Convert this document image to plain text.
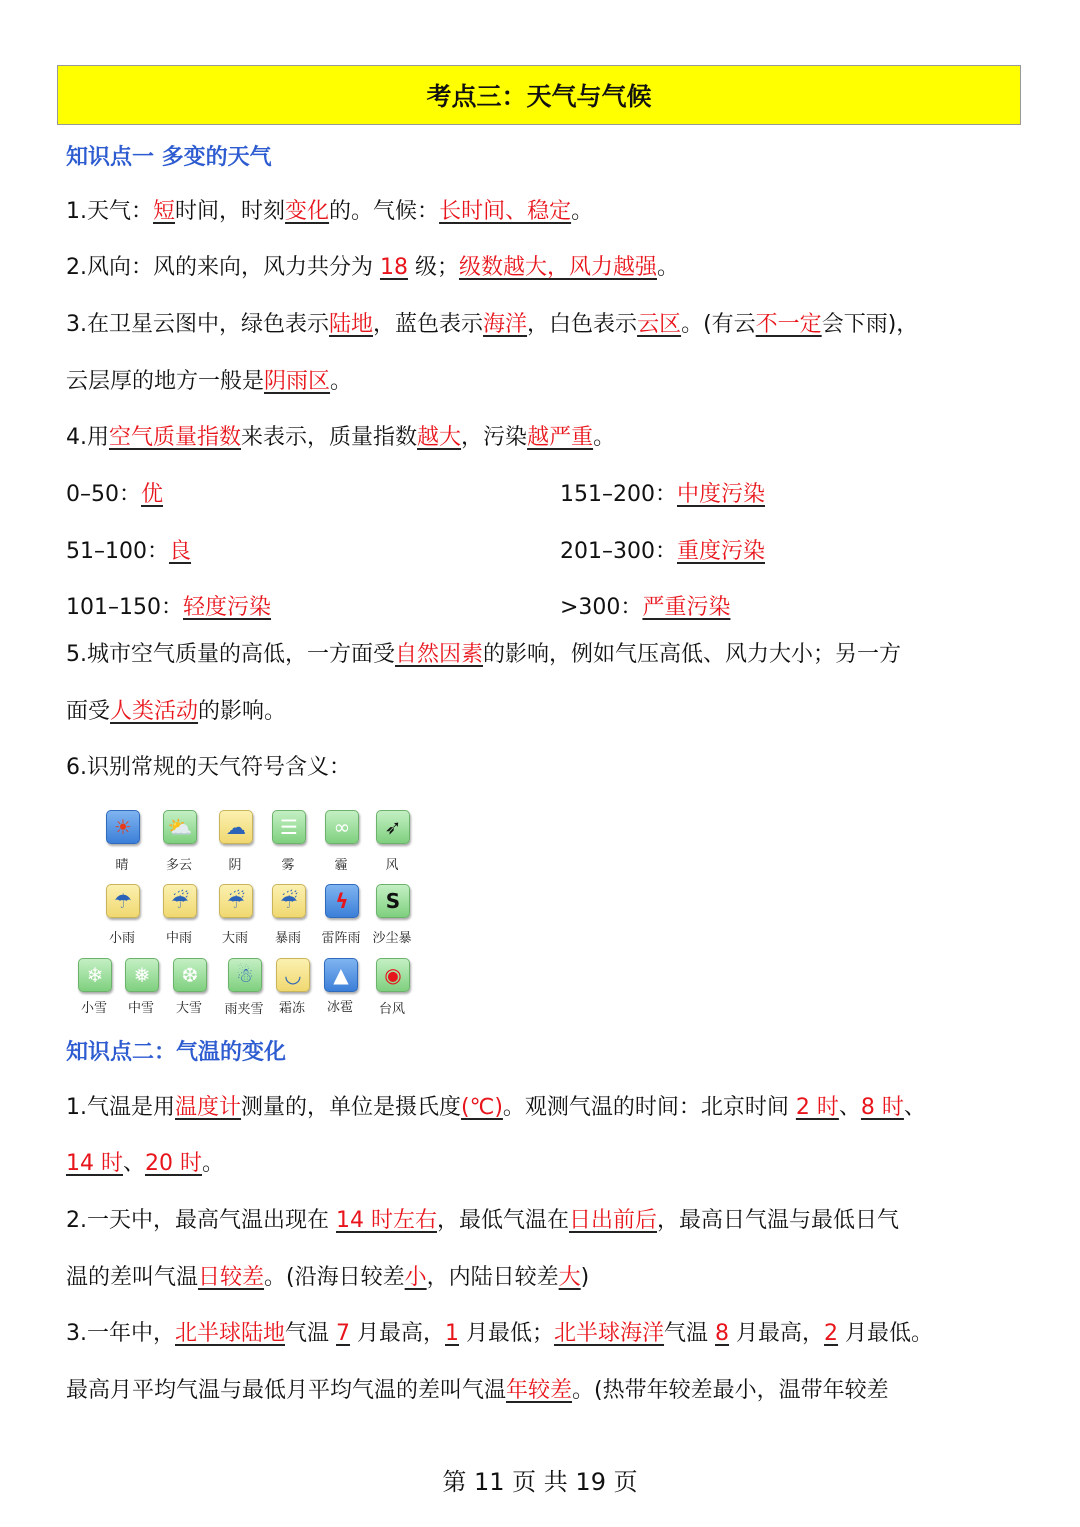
考点三：天气与气候
知识点一 多变的天气
1.天气：短时间，时刻变化的。气候：长时间、稳定。
2.风向：风的来向，风力共分为 18 级；级数越大，风力越强。
3.在卫星云图中，绿色表示陆地，蓝色表示海洋，白色表示云区。(有云不一定会下雨)，
云层厚的地方一般是阴雨区。
4.用空气质量指数来表示，质量指数越大，污染越严重。
0–50：优	151–200：中度污染
51–100：良	201–300：重度污染
101–150：轻度污染	>300：严重污染
5.城市空气质量的高低，一方面受自然因素的影响，例如气压高低、风力大小；另一方
面受人类活动的影响。
6.识别常规的天气符号含义：
☀
晴
⛅
多云
☁
阴
☰
雾
∞
霾
➶
风
☂
小雨
☔
中雨
☔
大雨
☔
暴雨
ϟ
雷阵雨
S
沙尘暴
❄
小雪
❅
中雪
❆
大雪
☃
雨夹雪
◡
霜冻
▲
冰雹
◉
台风
知识点二：气温的变化
1.气温是用温度计测量的，单位是摄氏度(℃)。观测气温的时间：北京时间 2 时、8 时、
14 时、20 时。
2.一天中，最高气温出现在 14 时左右，最低气温在日出前后，最高日气温与最低日气
温的差叫气温日较差。(沿海日较差小，内陆日较差大)
3.一年中，北半球陆地气温 7 月最高，1 月最低；北半球海洋气温 8 月最高，2 月最低。
最高月平均气温与最低月平均气温的差叫气温年较差。(热带年较差最小，温带年较差
第 11 页 共 19 页
